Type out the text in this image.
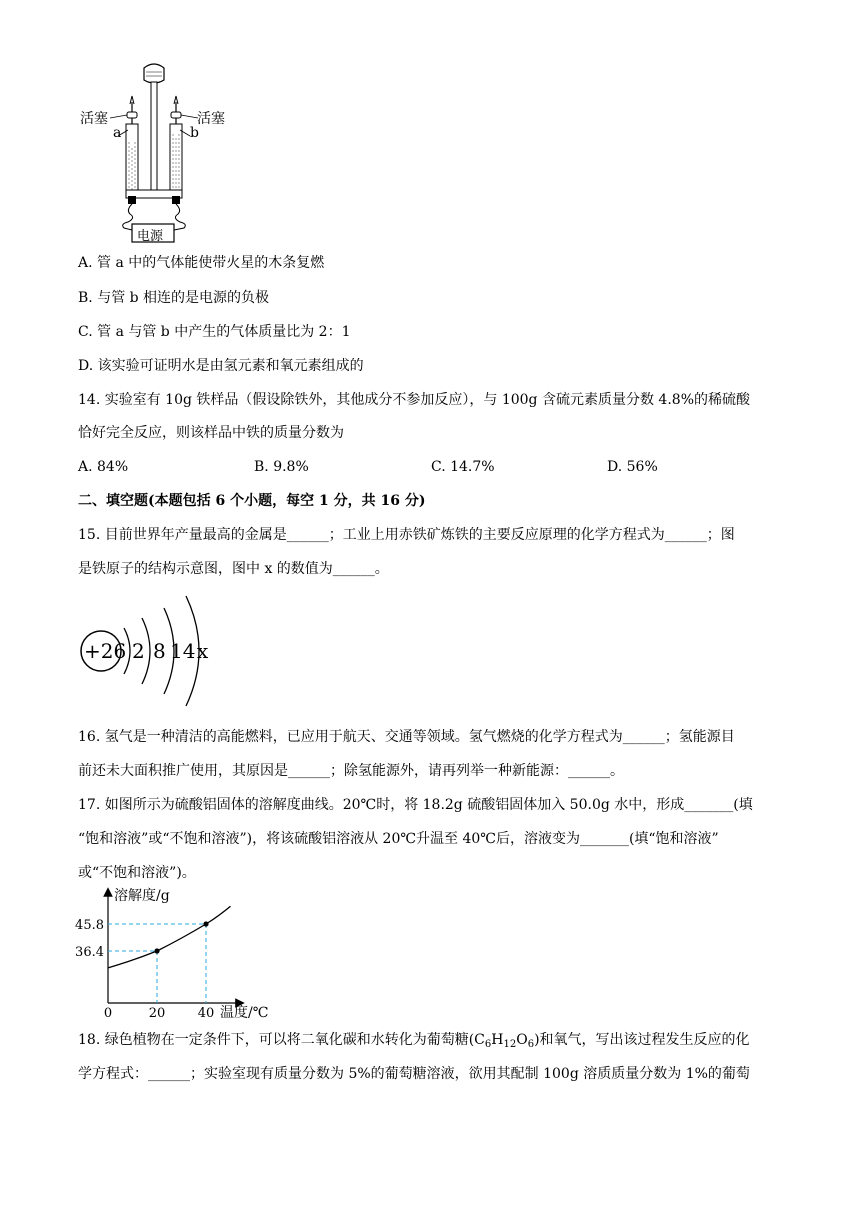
活塞	活塞
a	b
电源
A. 管 a 中的气体能使带火星的木条复燃
B. 与管 b 相连的是电源的负极
C. 管 a 与管 b 中产生的气体质量比为 2：1
D. 该实验可证明水是由氢元素和氧元素组成的
14. 实验室有 10g 铁样品（假设除铁外，其他成分不参加反应），与 100g 含硫元素质量分数 4.8%的稀硫酸
恰好完全反应，则该样品中铁的质量分数为
A. 84%	B. 9.8%	C. 14.7%	D. 56%
二、填空题(本题包括 6 个小题，每空 1 分，共 16 分)
15. 目前世界年产量最高的金属是______；工业上用赤铁矿炼铁的主要反应原理的化学方程式为______；图
是铁原子的结构示意图，图中 x 的数值为______。
+26 2 8 14 x
16. 氢气是一种清洁的高能燃料，已应用于航天、交通等领域。氢气燃烧的化学方程式为______；氢能源目
前还未大面积推广使用，其原因是______；除氢能源外，请再列举一种新能源：______。
17. 如图所示为硫酸铝固体的溶解度曲线。20℃时，将 18.2g 硫酸铝固体加入 50.0g 水中，形成_______(填
“饱和溶液”或“不饱和溶液”)，将该硫酸铝溶液从 20℃升温至 40℃后，溶液变为_______(填“饱和溶液”
或“不饱和溶液”)。
溶解度/g
温度/℃
36.4
45.8
0	20 40
18. 绿色植物在一定条件下，可以将二氧化碳和水转化为葡萄糖$(C_6H_{12}O_6)$和氧气，写出该过程发生反应的化
学方程式：______；实验室现有质量分数为 5%的葡萄糖溶液，欲用其配制 100g 溶质质量分数为 1%的葡萄
